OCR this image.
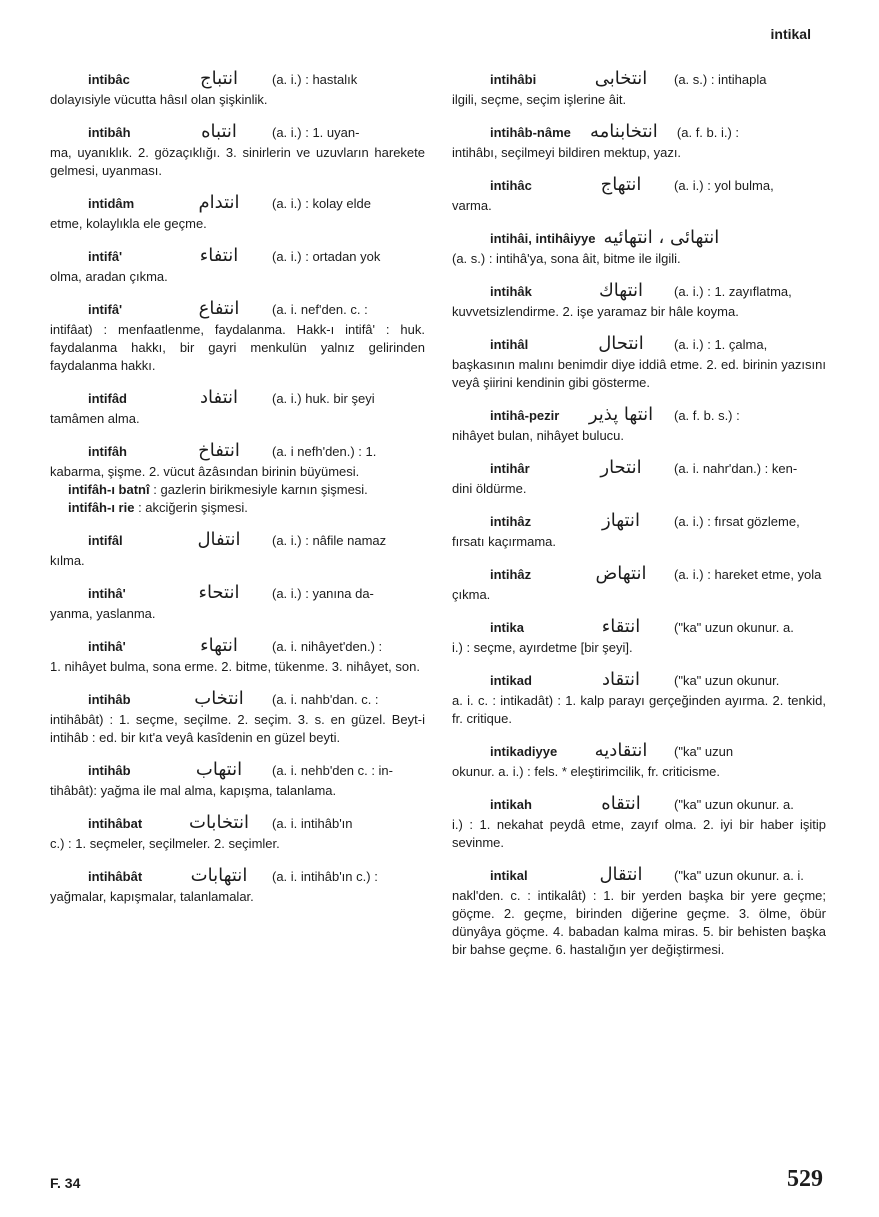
intikal
intibâc	انتباج	(a. i.) : hastalık
dolayısiyle vücutta hâsıl olan şişkinlik.
intibâh	انتباه	(a. i.) : 1. uyan-
ma, uyanıklık. 2. gözaçıklığı. 3. sinirlerin ve uzuvların harekete gelmesi, uyanması.
intidâm	انتدام	(a. i.) : kolay elde
etme, kolaylıkla ele geçme.
intifâ'	انتفاء	(a. i.) : ortadan yok
olma, aradan çıkma.
intifâ'	انتفاع	(a. i. nef'den. c. :
intifâat) : menfaatlenme, faydalanma. Hakk-ı intifâ' : huk. faydalanma hakkı, bir gayri menkulün yalnız gelirinden faydalanma hakkı.
intifâd	انتفاد	(a. i.) huk. bir şeyi
tamâmen alma.
intifâh	انتفاخ	(a. i nefh'den.) : 1.
kabarma, şişme. 2. vücut âzâsından birinin büyümesi.
intifâh-ı batnî : gazlerin birikmesiyle karnın şişmesi.
intifâh-ı rie : akciğerin şişmesi.
intifâl	انتفال	(a. i.) : nâfile namaz
kılma.
intihâ'	انتحاء	(a. i.) : yanına da-
yanma, yaslanma.
intihâ'	انتهاء	(a. i. nihâyet'den.) :
1. nihâyet bulma, sona erme. 2. bitme, tükenme. 3. nihâyet, son.
intihâb	انتخاب	(a. i. nahb'dan. c. :
intihâbât) : 1. seçme, seçilme. 2. seçim. 3. s. en güzel. Beyt-i intihâb : ed. bir kıt'a veyâ kasîdenin en güzel beyti.
intihâb	انتهاب	(a. i. nehb'den c. : in-
tihâbât): yağma ile mal alma, kapışma, talanlama.
intihâbat	انتخابات	(a. i. intihâb'ın
c.) : 1. seçmeler, seçilmeler. 2. seçimler.
intihâbât	انتهابات	(a. i. intihâb'ın c.) :
yağmalar, kapışmalar, talanlamalar.
intihâbi	انتخابى	(a. s.) : intihapla
ilgili, seçme, seçim işlerine âit.
intihâb-nâme	انتخابنامه	(a. f. b. i.) :
intihâbı, seçilmeyi bildiren mektup, yazı.
intihâc	انتهاج	(a. i.) : yol bulma,
varma.
intihâi, intihâiyye انتهائى ، انتهائيه
(a. s.) : intihâ'ya, sona âit, bitme ile ilgili.
intihâk	انتهاك	(a. i.) : 1. zayıflatma,
kuvvetsizlendirme. 2. işe yaramaz bir hâle koyma.
intihâl	انتحال	(a. i.) : 1. çalma,
başkasının malını benimdir diye iddiâ etme. 2. ed. birinin yazısını veyâ şiirini kendinin gibi gösterme.
intihâ-pezir	انتها پذير	(a. f. b. s.) :
nihâyet bulan, nihâyet bulucu.
intihâr	انتحار	(a. i. nahr'dan.) : ken-
dini öldürme.
intihâz	انتهاز	(a. i.) : fırsat gözleme,
fırsatı kaçırmama.
intihâz	انتهاض	(a. i.) : hareket etme, yola
çıkma.
intika	انتقاء	("ka" uzun okunur. a.
i.) : seçme, ayırdetme [bir şeyi].
intikad	انتقاد	("ka" uzun okunur.
a. i. c. : intikadât) : 1. kalp parayı gerçeğinden ayırma. 2. tenkid, fr. critique.
intikadiyye	انتقاديه	("ka" uzun
okunur. a. i.) : fels. * eleştirimcilik, fr. criticisme.
intikah	انتقاه	("ka" uzun okunur. a.
i.) : 1. nekahat peydâ etme, zayıf olma. 2. iyi bir haber işitip sevinme.
intikal	انتقال	("ka" uzun okunur. a. i.
nakl'den. c. : intikalât) : 1. bir yerden başka bir yere geçme; göçme. 2. geçme, birinden diğerine geçme. 3. ölme, öbür dünyâya göçme. 4. babadan kalma miras. 5. bir behisten başka bir bahse geçme. 6. hastalığın yer değiştirmesi.
F. 34	529
